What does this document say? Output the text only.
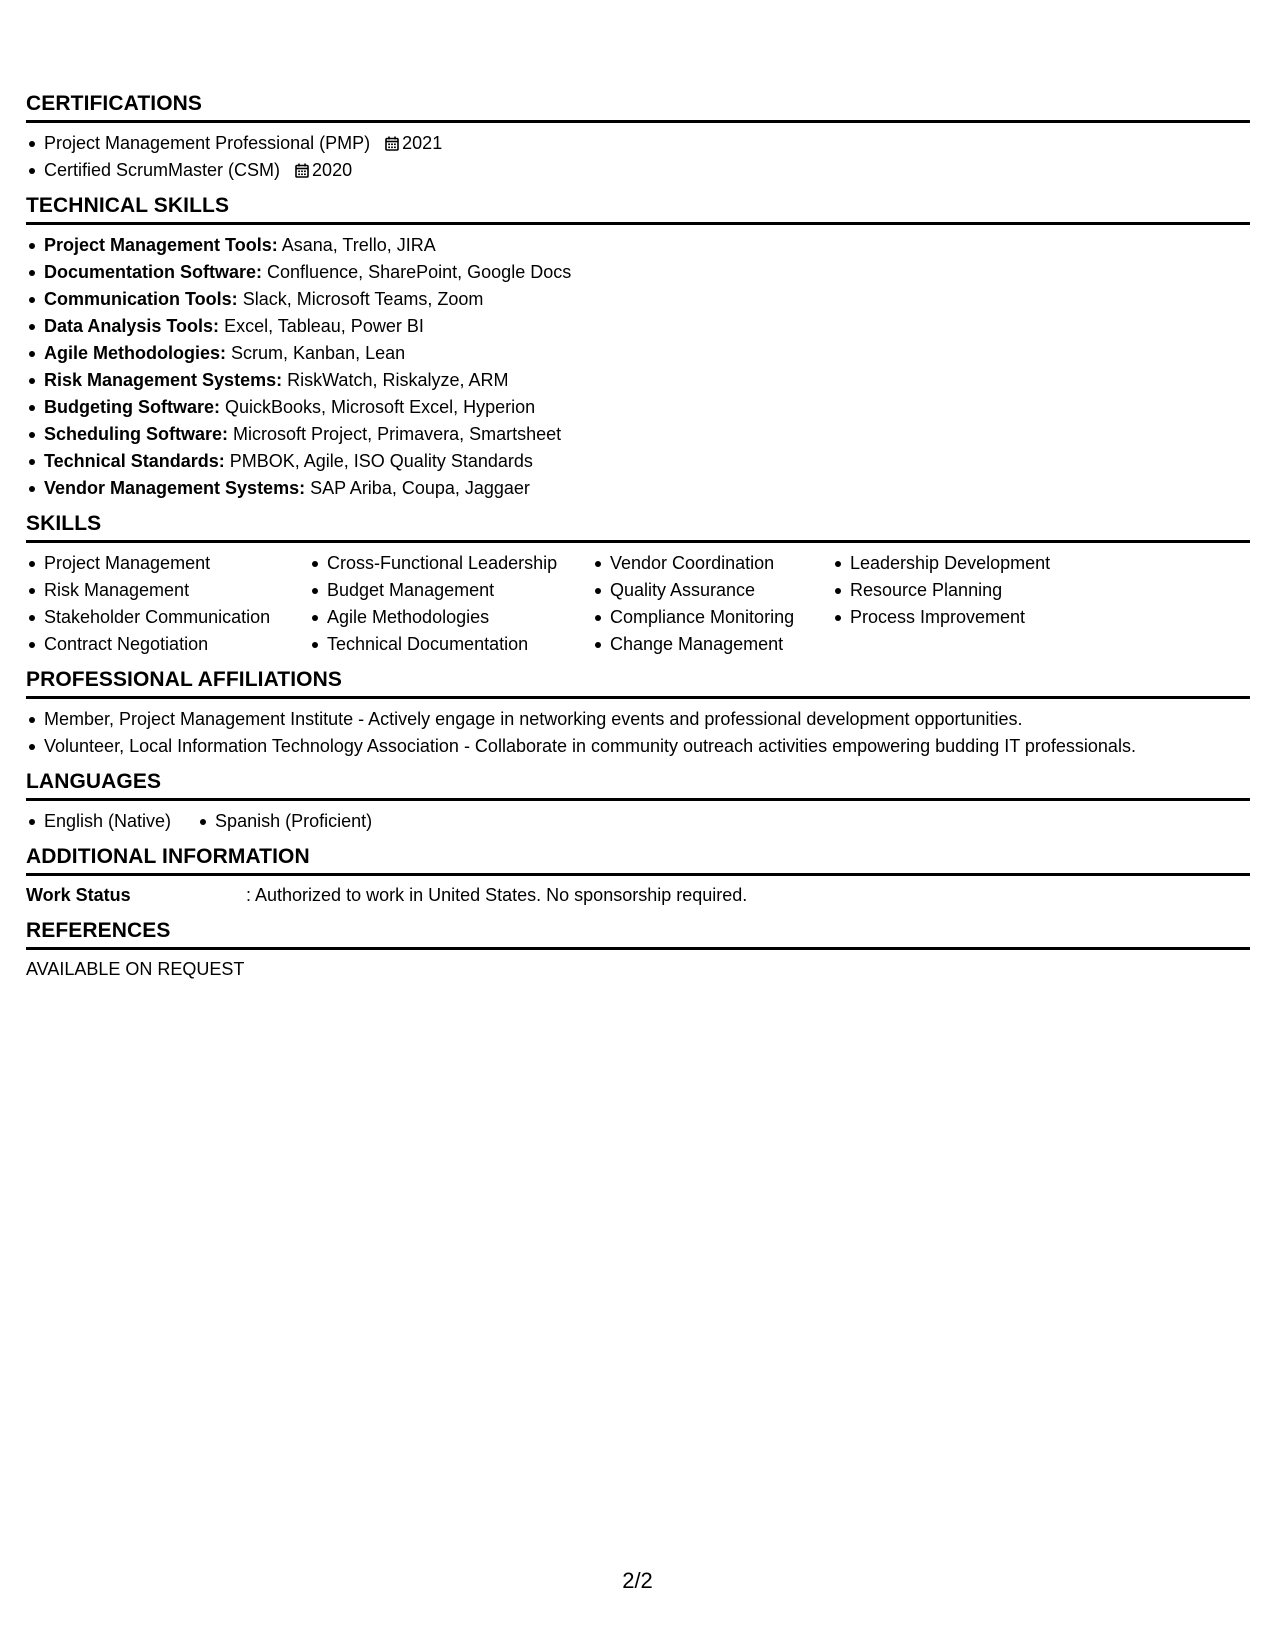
CERTIFICATIONS
Project Management Professional (PMP) 2021
Certified ScrumMaster (CSM) 2020
TECHNICAL SKILLS
Project Management Tools: Asana, Trello, JIRA
Documentation Software: Confluence, SharePoint, Google Docs
Communication Tools: Slack, Microsoft Teams, Zoom
Data Analysis Tools: Excel, Tableau, Power BI
Agile Methodologies: Scrum, Kanban, Lean
Risk Management Systems: RiskWatch, Riskalyze, ARM
Budgeting Software: QuickBooks, Microsoft Excel, Hyperion
Scheduling Software: Microsoft Project, Primavera, Smartsheet
Technical Standards: PMBOK, Agile, ISO Quality Standards
Vendor Management Systems: SAP Ariba, Coupa, Jaggaer
SKILLS
Project Management
Risk Management
Stakeholder Communication
Contract Negotiation
Cross-Functional Leadership
Budget Management
Agile Methodologies
Technical Documentation
Vendor Coordination
Quality Assurance
Compliance Monitoring
Change Management
Leadership Development
Resource Planning
Process Improvement
PROFESSIONAL AFFILIATIONS
Member, Project Management Institute - Actively engage in networking events and professional development opportunities.
Volunteer, Local Information Technology Association - Collaborate in community outreach activities empowering budding IT professionals.
LANGUAGES
English (Native)	Spanish (Proficient)
ADDITIONAL INFORMATION
Work Status	: Authorized to work in United States. No sponsorship required.
REFERENCES
AVAILABLE ON REQUEST
2/2
